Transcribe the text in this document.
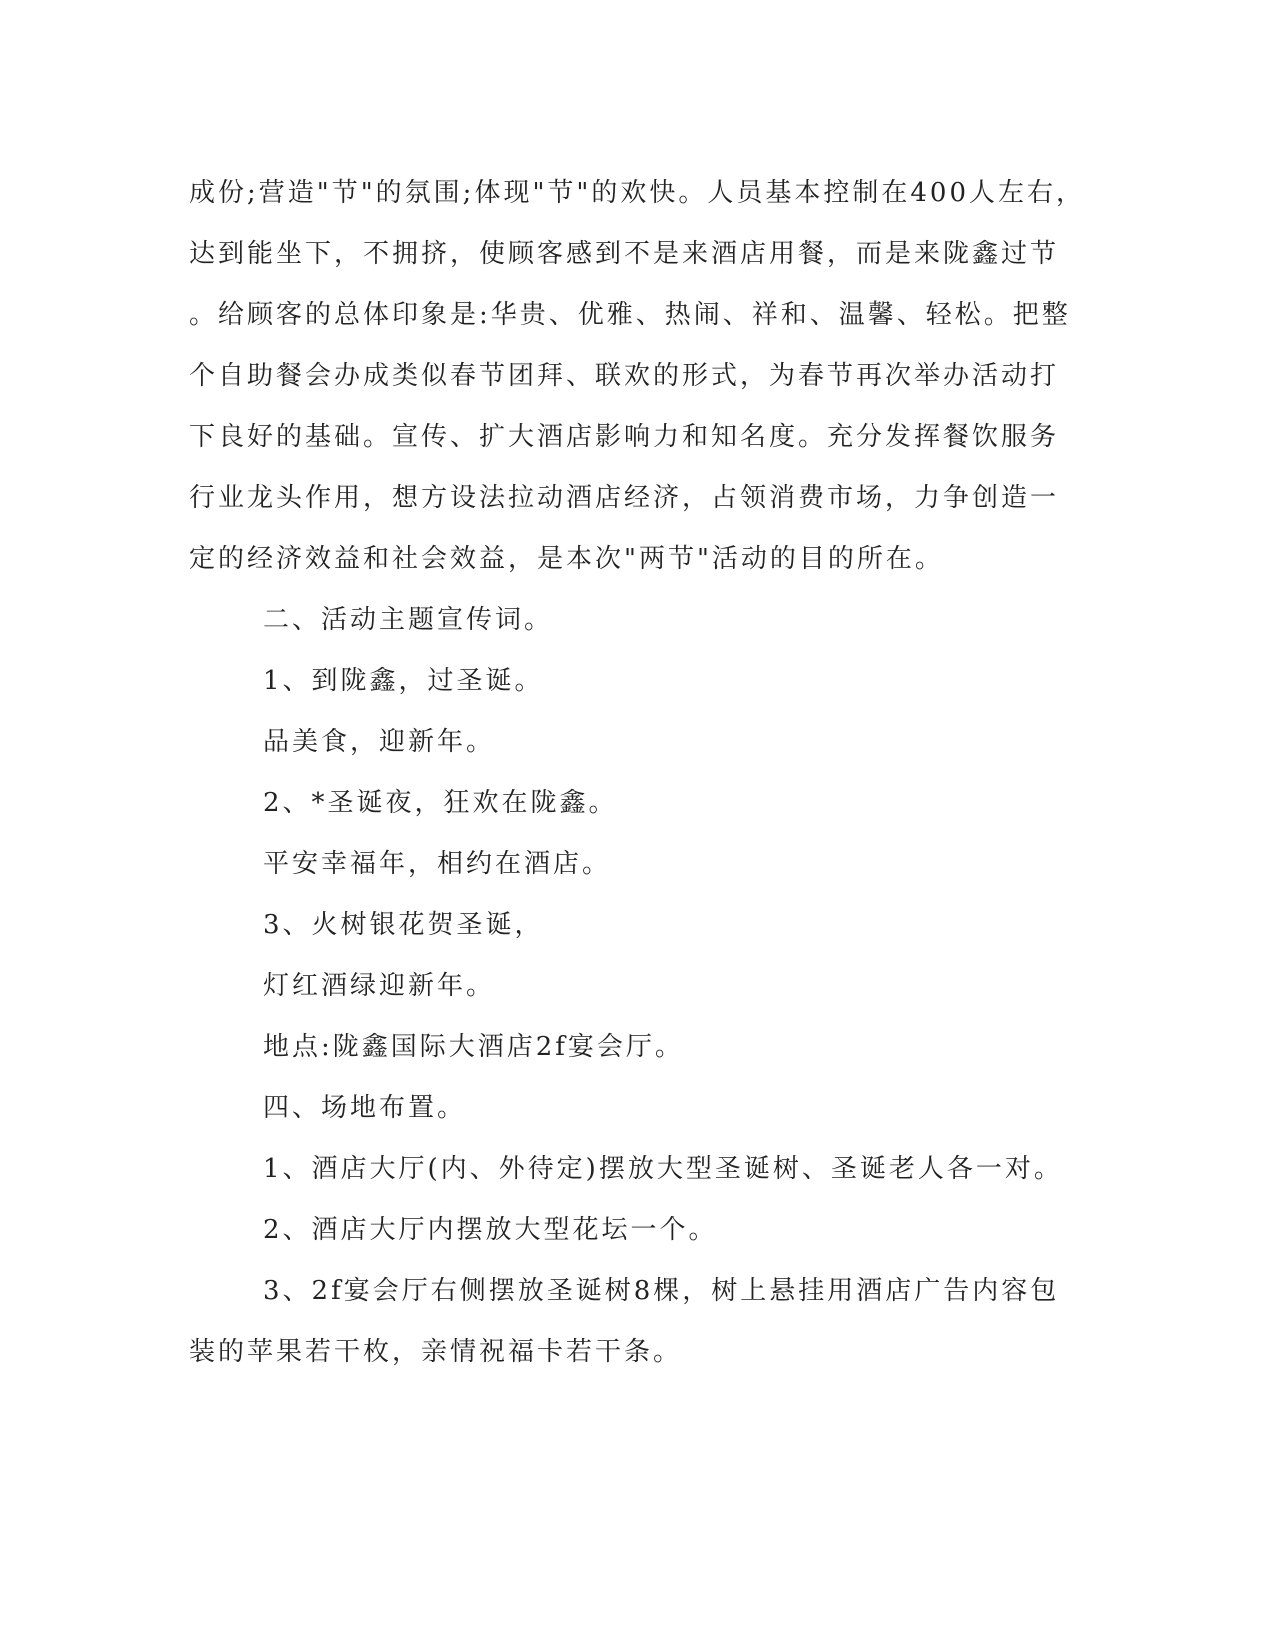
成份;营造"节"的氛围;体现"节"的欢快。人员基本控制在400人左右，
达到能坐下，不拥挤，使顾客感到不是来酒店用餐，而是来陇鑫过节
。给顾客的总体印象是:华贵、优雅、热闹、祥和、温馨、轻松。把整
个自助餐会办成类似春节团拜、联欢的形式，为春节再次举办活动打
下良好的基础。宣传、扩大酒店影响力和知名度。充分发挥餐饮服务
行业龙头作用，想方设法拉动酒店经济，占领消费市场，力争创造一
定的经济效益和社会效益，是本次"两节"活动的目的所在。
二、活动主题宣传词。
1、到陇鑫，过圣诞。
品美食，迎新年。
2、*圣诞夜，狂欢在陇鑫。
平安幸福年，相约在酒店。
3、火树银花贺圣诞，
灯红酒绿迎新年。
地点:陇鑫国际大酒店2f宴会厅。
四、场地布置。
1、酒店大厅(内、外待定)摆放大型圣诞树、圣诞老人各一对。
2、酒店大厅内摆放大型花坛一个。
3、2f宴会厅右侧摆放圣诞树8棵，树上悬挂用酒店广告内容包
装的苹果若干枚，亲情祝福卡若干条。
